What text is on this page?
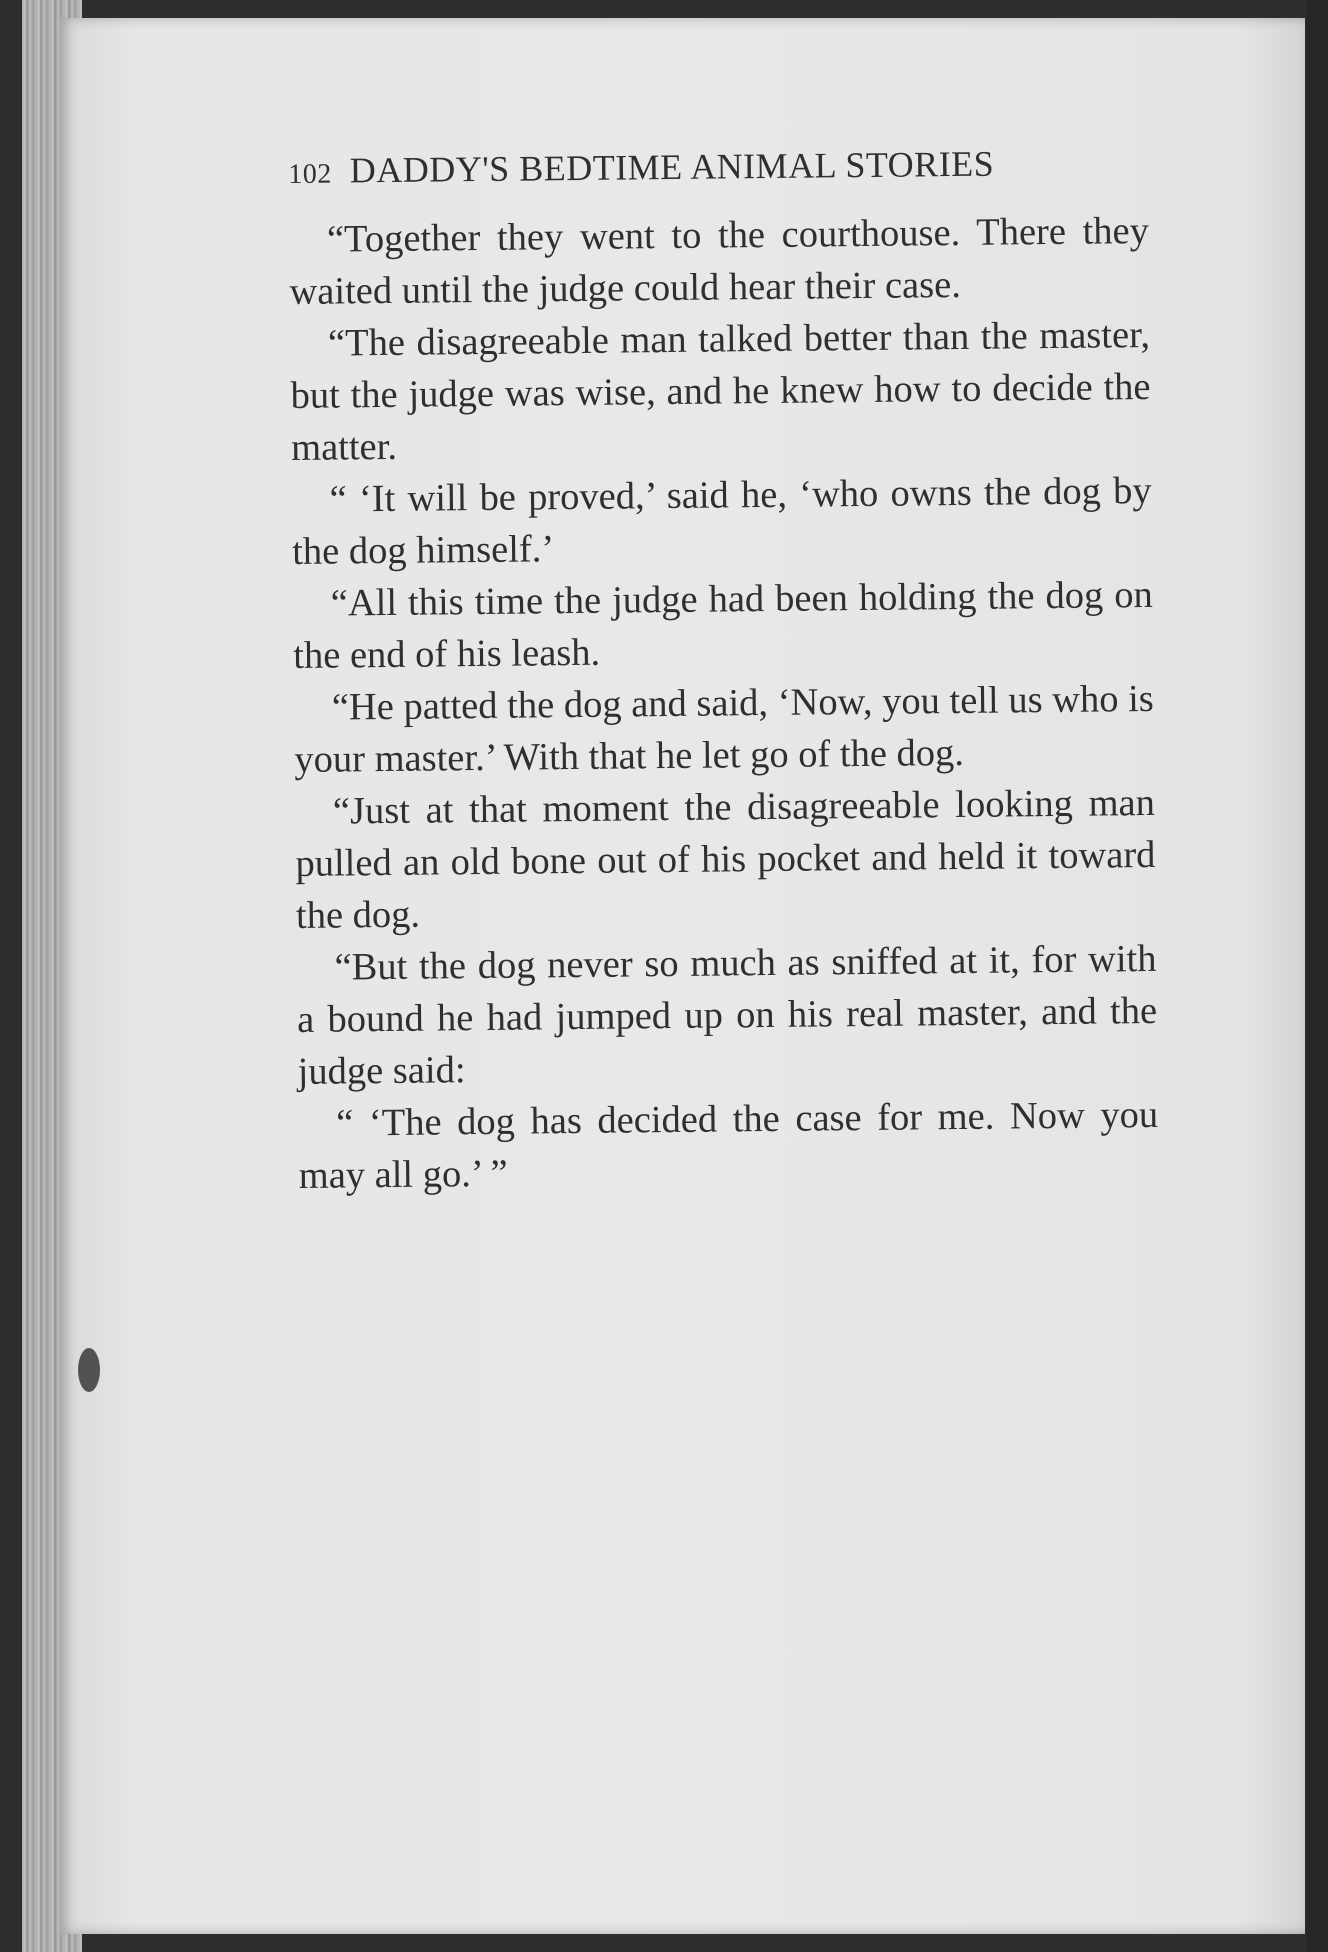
102 DADDY'S BEDTIME ANIMAL STORIES

“Together they went to the courthouse. There they waited until the judge could hear their case.

“The disagreeable man talked better than the master, but the judge was wise, and he knew how to decide the matter.

“ ‘It will be proved,’ said he, ‘who owns the dog by the dog himself.’

“All this time the judge had been holding the dog on the end of his leash.

“He patted the dog and said, ‘Now, you tell us who is your master.’ With that he let go of the dog.

“Just at that moment the disagreeable looking man pulled an old bone out of his pocket and held it toward the dog.

“But the dog never so much as sniffed at it, for with a bound he had jumped up on his real master, and the judge said:

“ ‘The dog has decided the case for me. Now you may all go.’ ”
